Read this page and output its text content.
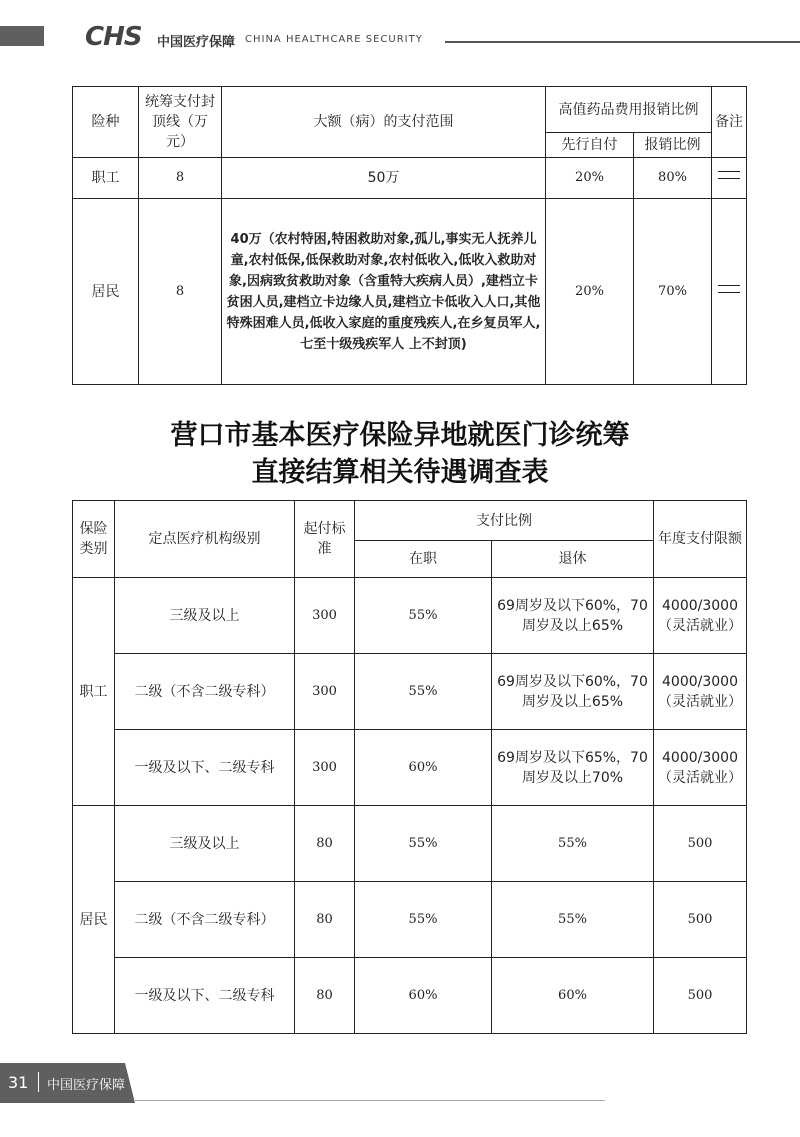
CHS 中国医疗保障 CHINA HEALTHCARE SECURITY
险种	统筹支付封顶线（万元）	大额（病）的支付范围	高值药品费用报销比例		备注
			先行自付	报销比例	
职工	8	50万	20%	80%	

居民	8	40万（农村特困,特困救助对象,孤儿,事实无人抚养儿童,农村低保,低保救助对象,农村低收入,低收入救助对象,因病致贫救助对象（含重特大疾病人员）,建档立卡贫困人员,建档立卡边缘人员,建档立卡低收入人口,其他特殊困难人员,低收入家庭的重度残疾人,在乡复员军人,七至十级残疾军人 上不封顶)	20%	70%	
营口市基本医疗保险异地就医门诊统筹
直接结算相关待遇调查表
保险类别	定点医疗机构级别	起付标准	支付比例		年度支付限额
			在职	退休	
职工	三级及以上	300	55%	69周岁及以下60%，70周岁及以上65%	4000/3000（灵活就业）
	二级（不含二级专科）	300	55%	69周岁及以下60%，70周岁及以上65%	4000/3000（灵活就业）
	一级及以下、二级专科	300	60%	69周岁及以下65%，70周岁及以上70%	4000/3000（灵活就业）
居民	三级及以上	80	55%	55%	500
	二级（不含二级专科）	80	55%	55%	500
	一级及以下、二级专科	80	60%	60%	500
31 中国医疗保障
